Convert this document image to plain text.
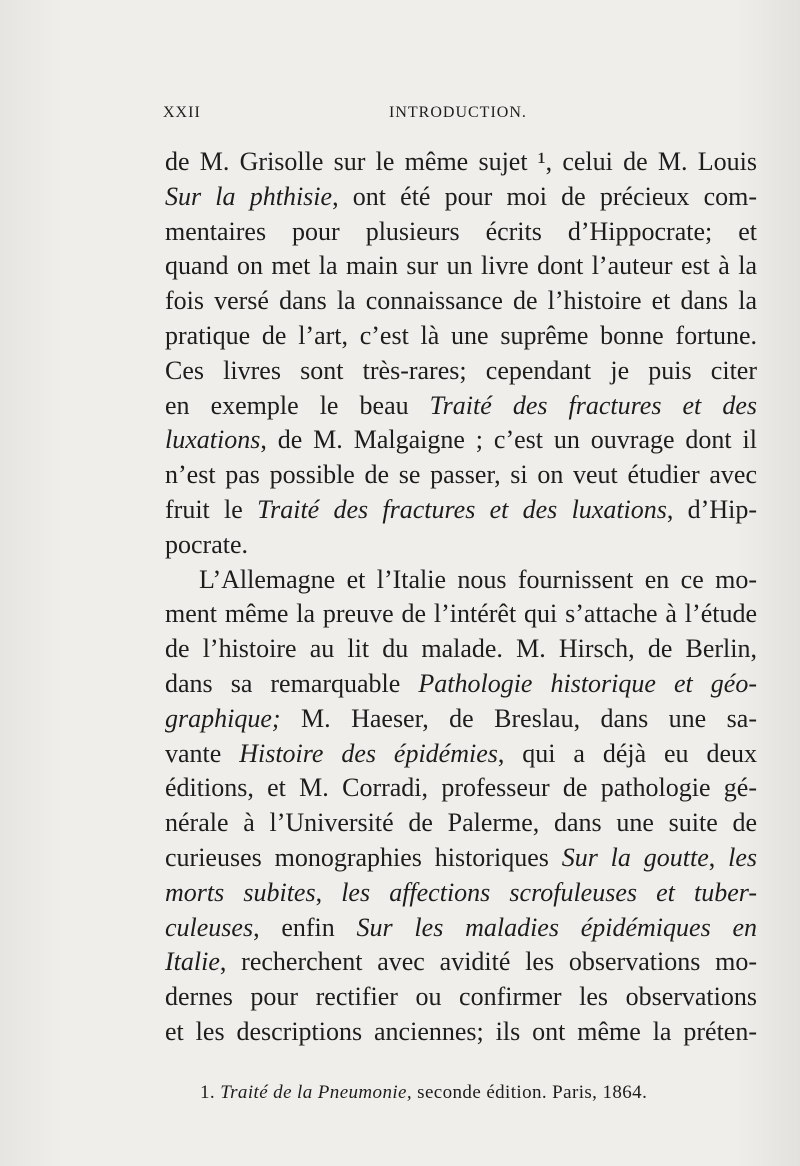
XXII	INTRODUCTION.
de M. Grisolle sur le même sujet ¹, celui de M. Louis
Sur la phthisie, ont été pour moi de précieux com-
mentaires pour plusieurs écrits d’Hippocrate; et
quand on met la main sur un livre dont l’auteur est à la
fois versé dans la connaissance de l’histoire et dans la
pratique de l’art, c’est là une suprême bonne fortune.
Ces livres sont très-rares; cependant je puis citer
en exemple le beau Traité des fractures et des
luxations, de M. Malgaigne ; c’est un ouvrage dont il
n’est pas possible de se passer, si on veut étudier avec
fruit le Traité des fractures et des luxations, d’Hip-
pocrate.
L’Allemagne et l’Italie nous fournissent en ce mo-
ment même la preuve de l’intérêt qui s’attache à l’étude
de l’histoire au lit du malade. M. Hirsch, de Berlin,
dans sa remarquable Pathologie historique et géo-
graphique; M. Haeser, de Breslau, dans une sa-
vante Histoire des épidémies, qui a déjà eu deux
éditions, et M. Corradi, professeur de pathologie gé-
nérale à l’Université de Palerme, dans une suite de
curieuses monographies historiques Sur la goutte, les
morts subites, les affections scrofuleuses et tuber-
culeuses, enfin Sur les maladies épidémiques en
Italie, recherchent avec avidité les observations mo-
dernes pour rectifier ou confirmer les observations
et les descriptions anciennes; ils ont même la préten-
1. Traité de la Pneumonie, seconde édition. Paris, 1864.
